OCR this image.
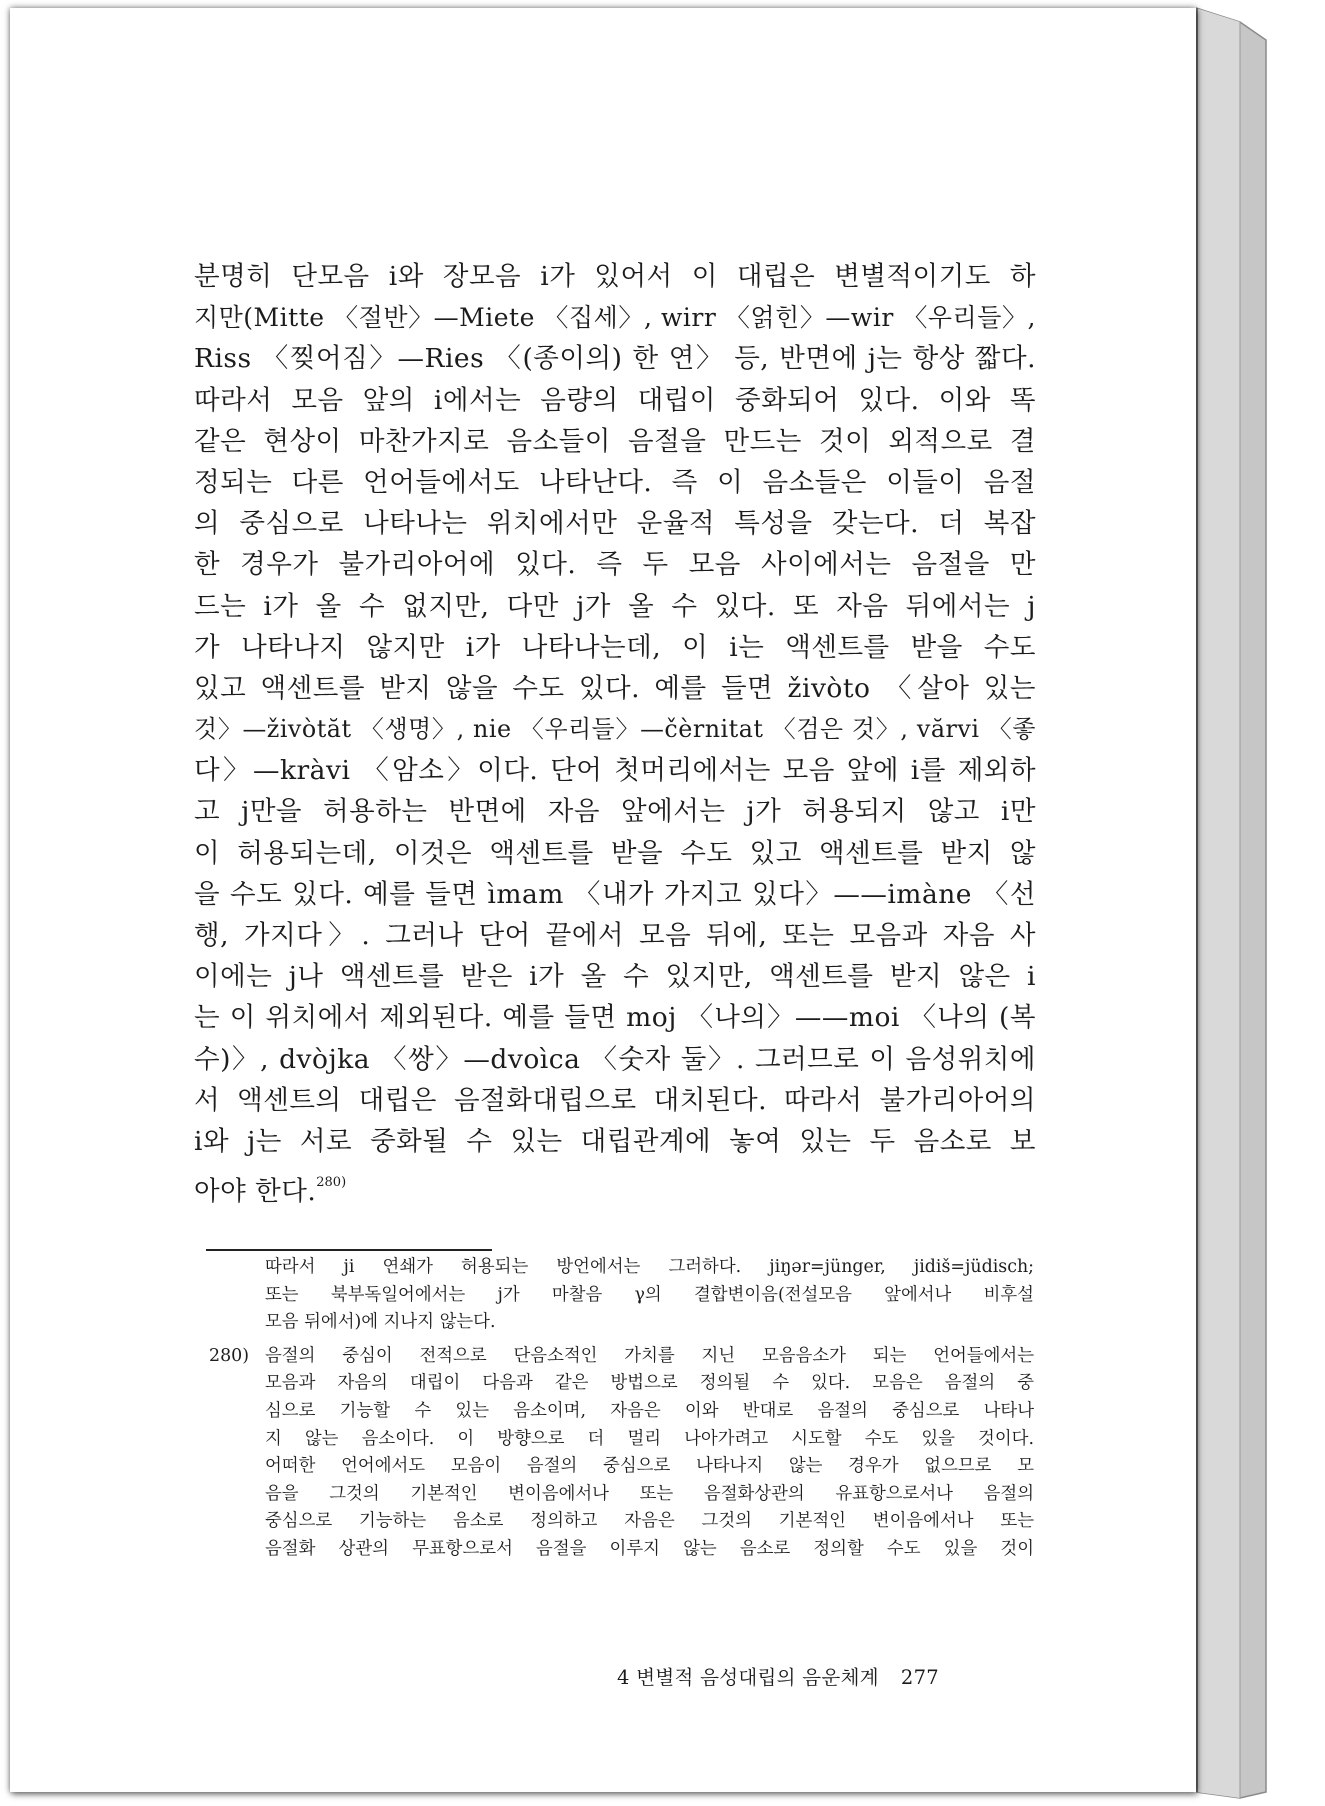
분명히 단모음 i와 장모음 i가 있어서 이 대립은 변별적이기도 하
지만(Mitte 〈절반〉—Miete 〈집세〉, wirr 〈얽힌〉—wir 〈우리들〉,
Riss 〈찢어짐〉—Ries 〈(종이의) 한 연〉 등, 반면에 j는 항상 짧다.
따라서 모음 앞의 i에서는 음량의 대립이 중화되어 있다. 이와 똑
같은 현상이 마찬가지로 음소들이 음절을 만드는 것이 외적으로 결
정되는 다른 언어들에서도 나타난다. 즉 이 음소들은 이들이 음절
의 중심으로 나타나는 위치에서만 운율적 특성을 갖는다. 더 복잡
한 경우가 불가리아어에 있다. 즉 두 모음 사이에서는 음절을 만
드는 i가 올 수 없지만, 다만 j가 올 수 있다. 또 자음 뒤에서는 j
가 나타나지 않지만 i가 나타나는데, 이 i는 액센트를 받을 수도
있고 액센트를 받지 않을 수도 있다. 예를 들면 živòto 〈살아 있는
것〉—živòtăt 〈생명〉, nie 〈우리들〉—čèrnitat 〈검은 것〉, vărvi 〈좋
다〉—kràvi 〈암소〉이다. 단어 첫머리에서는 모음 앞에 i를 제외하
고 j만을 허용하는 반면에 자음 앞에서는 j가 허용되지 않고 i만
이 허용되는데, 이것은 액센트를 받을 수도 있고 액센트를 받지 않
을 수도 있다. 예를 들면 ìmam 〈내가 가지고 있다〉——imàne 〈선
행, 가지다〉. 그러나 단어 끝에서 모음 뒤에, 또는 모음과 자음 사
이에는 j나 액센트를 받은 i가 올 수 있지만, 액센트를 받지 않은 i
는 이 위치에서 제외된다. 예를 들면 moj 〈나의〉——moi 〈나의 (복
수)〉, dvòjka 〈쌍〉—dvoìca 〈숫자 둘〉. 그러므로 이 음성위치에
서 액센트의 대립은 음절화대립으로 대치된다. 따라서 불가리아어의
i와 j는 서로 중화될 수 있는 대립관계에 놓여 있는 두 음소로 보
아야 한다.$^{280)}$
따라서 ji 연쇄가 허용되는 방언에서는 그러하다. jiŋər=jünger, jidiš=jüdisch;
또는 북부독일어에서는 j가 마찰음 γ의 결합변이음(전설모음 앞에서나 비후설
모음 뒤에서)에 지나지 않는다.
280) 음절의 중심이 전적으로 단음소적인 가치를 지닌 모음음소가 되는 언어들에서는
모음과 자음의 대립이 다음과 같은 방법으로 정의될 수 있다. 모음은 음절의 중
심으로 기능할 수 있는 음소이며, 자음은 이와 반대로 음절의 중심으로 나타나
지 않는 음소이다. 이 방향으로 더 멀리 나아가려고 시도할 수도 있을 것이다.
어떠한 언어에서도 모음이 음절의 중심으로 나타나지 않는 경우가 없으므로 모
음을 그것의 기본적인 변이음에서나 또는 음절화상관의 유표항으로서나 음절의
중심으로 기능하는 음소로 정의하고 자음은 그것의 기본적인 변이음에서나 또는
음절화 상관의 무표항으로서 음절을 이루지 않는 음소로 정의할 수도 있을 것이
4 변별적 음성대립의 음운체계 277
